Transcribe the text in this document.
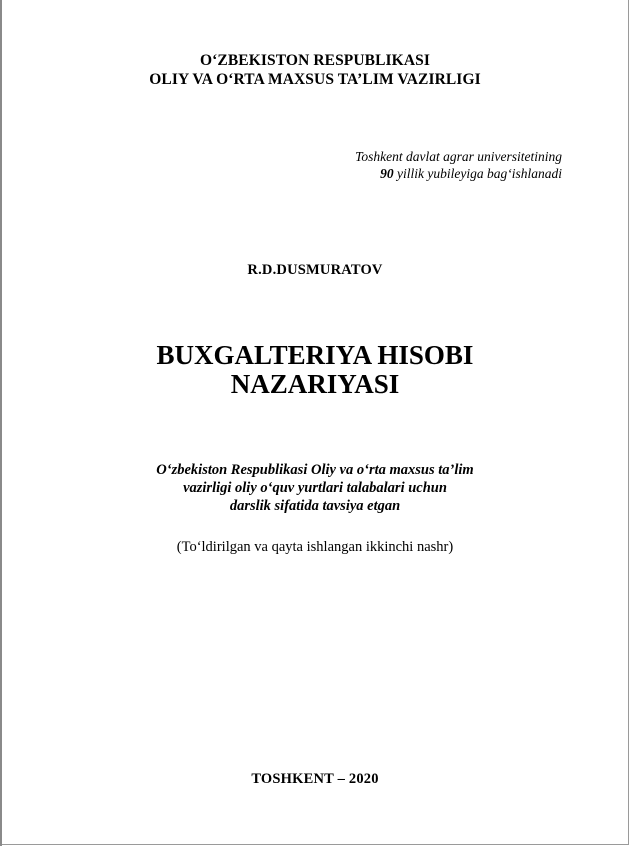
O‘ZBEKISTON RESPUBLIKASI
OLIY VA O‘RTA MAXSUS TA’LIM VAZIRLIGI
Toshkent davlat agrar universitetining
90 yillik yubileyiga bag‘ishlanadi
R.D.DUSMURATOV
BUXGALTERIYA HISOBI
NAZARIYASI
O‘zbekiston Respublikasi Oliy va o‘rta maxsus ta’lim
vazirligi oliy o‘quv yurtlari talabalari uchun
darslik sifatida tavsiya etgan
(To‘ldirilgan va qayta ishlangan ikkinchi nashr)
TOSHKENT – 2020
